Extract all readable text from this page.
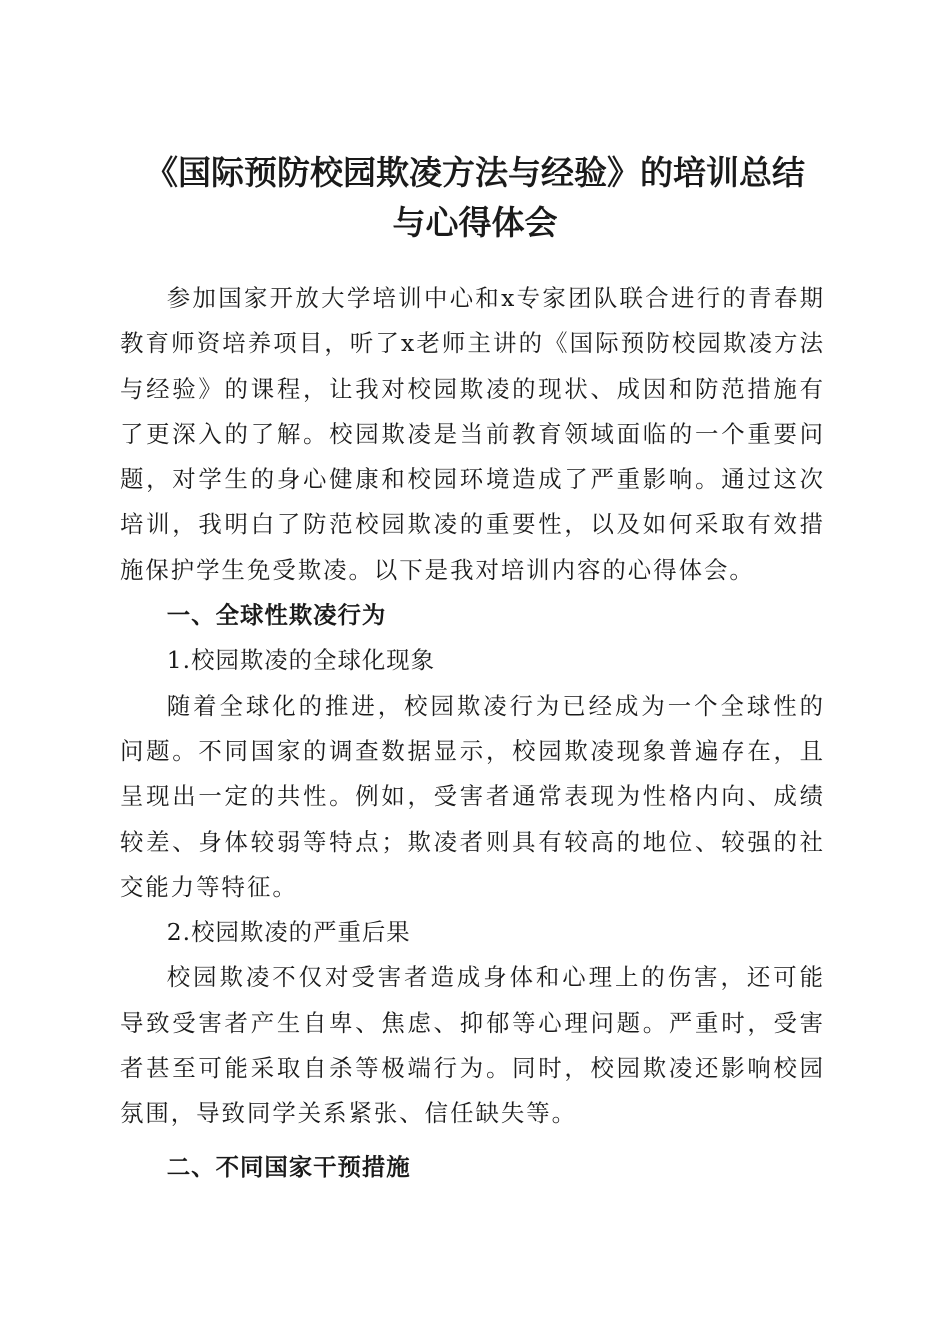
《国际预防校园欺凌方法与经验》的培训总结
与心得体会

参加国家开放大学培训中心和x专家团队联合进行的青春期教育师资培养项目，听了x老师主讲的《国际预防校园欺凌方法与经验》的课程，让我对校园欺凌的现状、成因和防范措施有了更深入的了解。校园欺凌是当前教育领域面临的一个重要问题，对学生的身心健康和校园环境造成了严重影响。通过这次培训，我明白了防范校园欺凌的重要性，以及如何采取有效措施保护学生免受欺凌。以下是我对培训内容的心得体会。

一、全球性欺凌行为

1.校园欺凌的全球化现象

随着全球化的推进，校园欺凌行为已经成为一个全球性的问题。不同国家的调查数据显示，校园欺凌现象普遍存在，且呈现出一定的共性。例如，受害者通常表现为性格内向、成绩较差、身体较弱等特点；欺凌者则具有较高的地位、较强的社交能力等特征。

2.校园欺凌的严重后果

校园欺凌不仅对受害者造成身体和心理上的伤害，还可能导致受害者产生自卑、焦虑、抑郁等心理问题。严重时，受害者甚至可能采取自杀等极端行为。同时，校园欺凌还影响校园氛围，导致同学关系紧张、信任缺失等。

二、不同国家干预措施
